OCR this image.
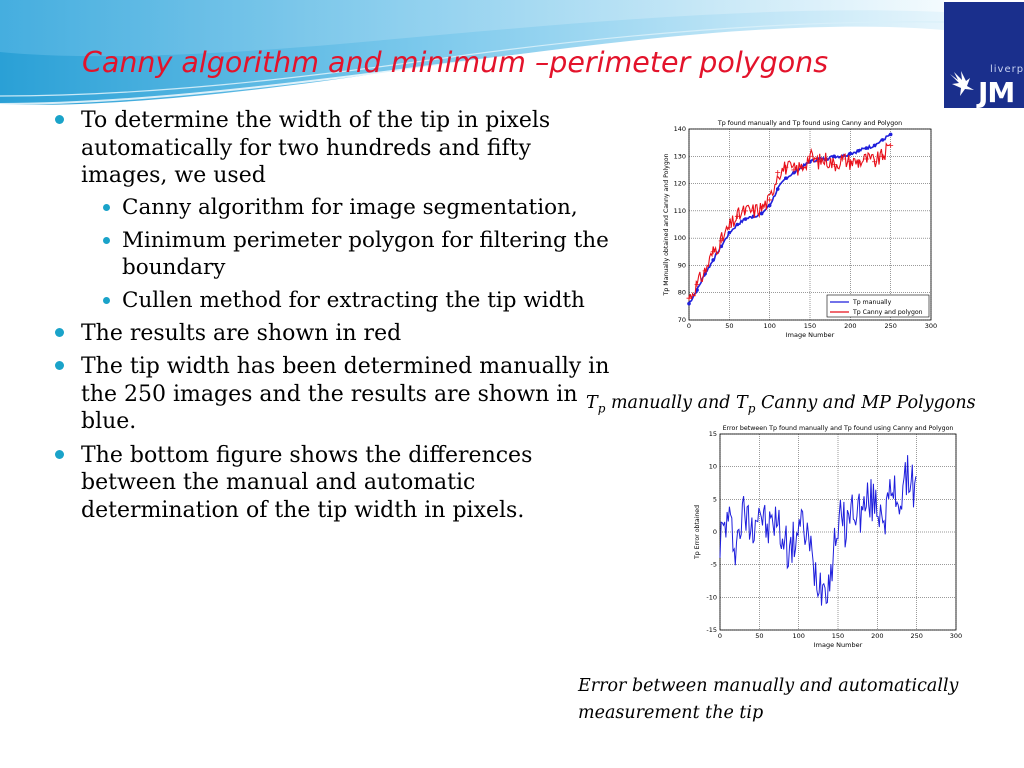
liverp
JM
Canny algorithm and minimum –perimeter polygons
To determine the width of the tip in pixels automatically for two hundreds and fifty images, we used
Canny algorithm for image segmentation,
Minimum perimeter polygon for filtering the boundary
Cullen method for extracting the tip width
The results are shown in red
The tip width has been determined manually in the 250 images and the results are shown in blue.
The bottom figure shows the differences between the manual and automatic determination of the tip width in pixels.
0	50	100	150	200	250	300
70
80
90
100
110
120
130
140
Tp found manually and Tp found using Canny and Polygon
Image Number
Tp Manually obtained and Canny and Polygon
Tp manually
Tp Canny and polygon
$T_p$ manually and $T_p$ Canny and MP Polygons
0	50	100	150	200	250	300
-15
-10
-5
0
5
10
15
Error between Tp found manually and Tp found using Canny and Polygon
Image Number
Tp Error obtained
Error between manually and automatically measurement the tip
